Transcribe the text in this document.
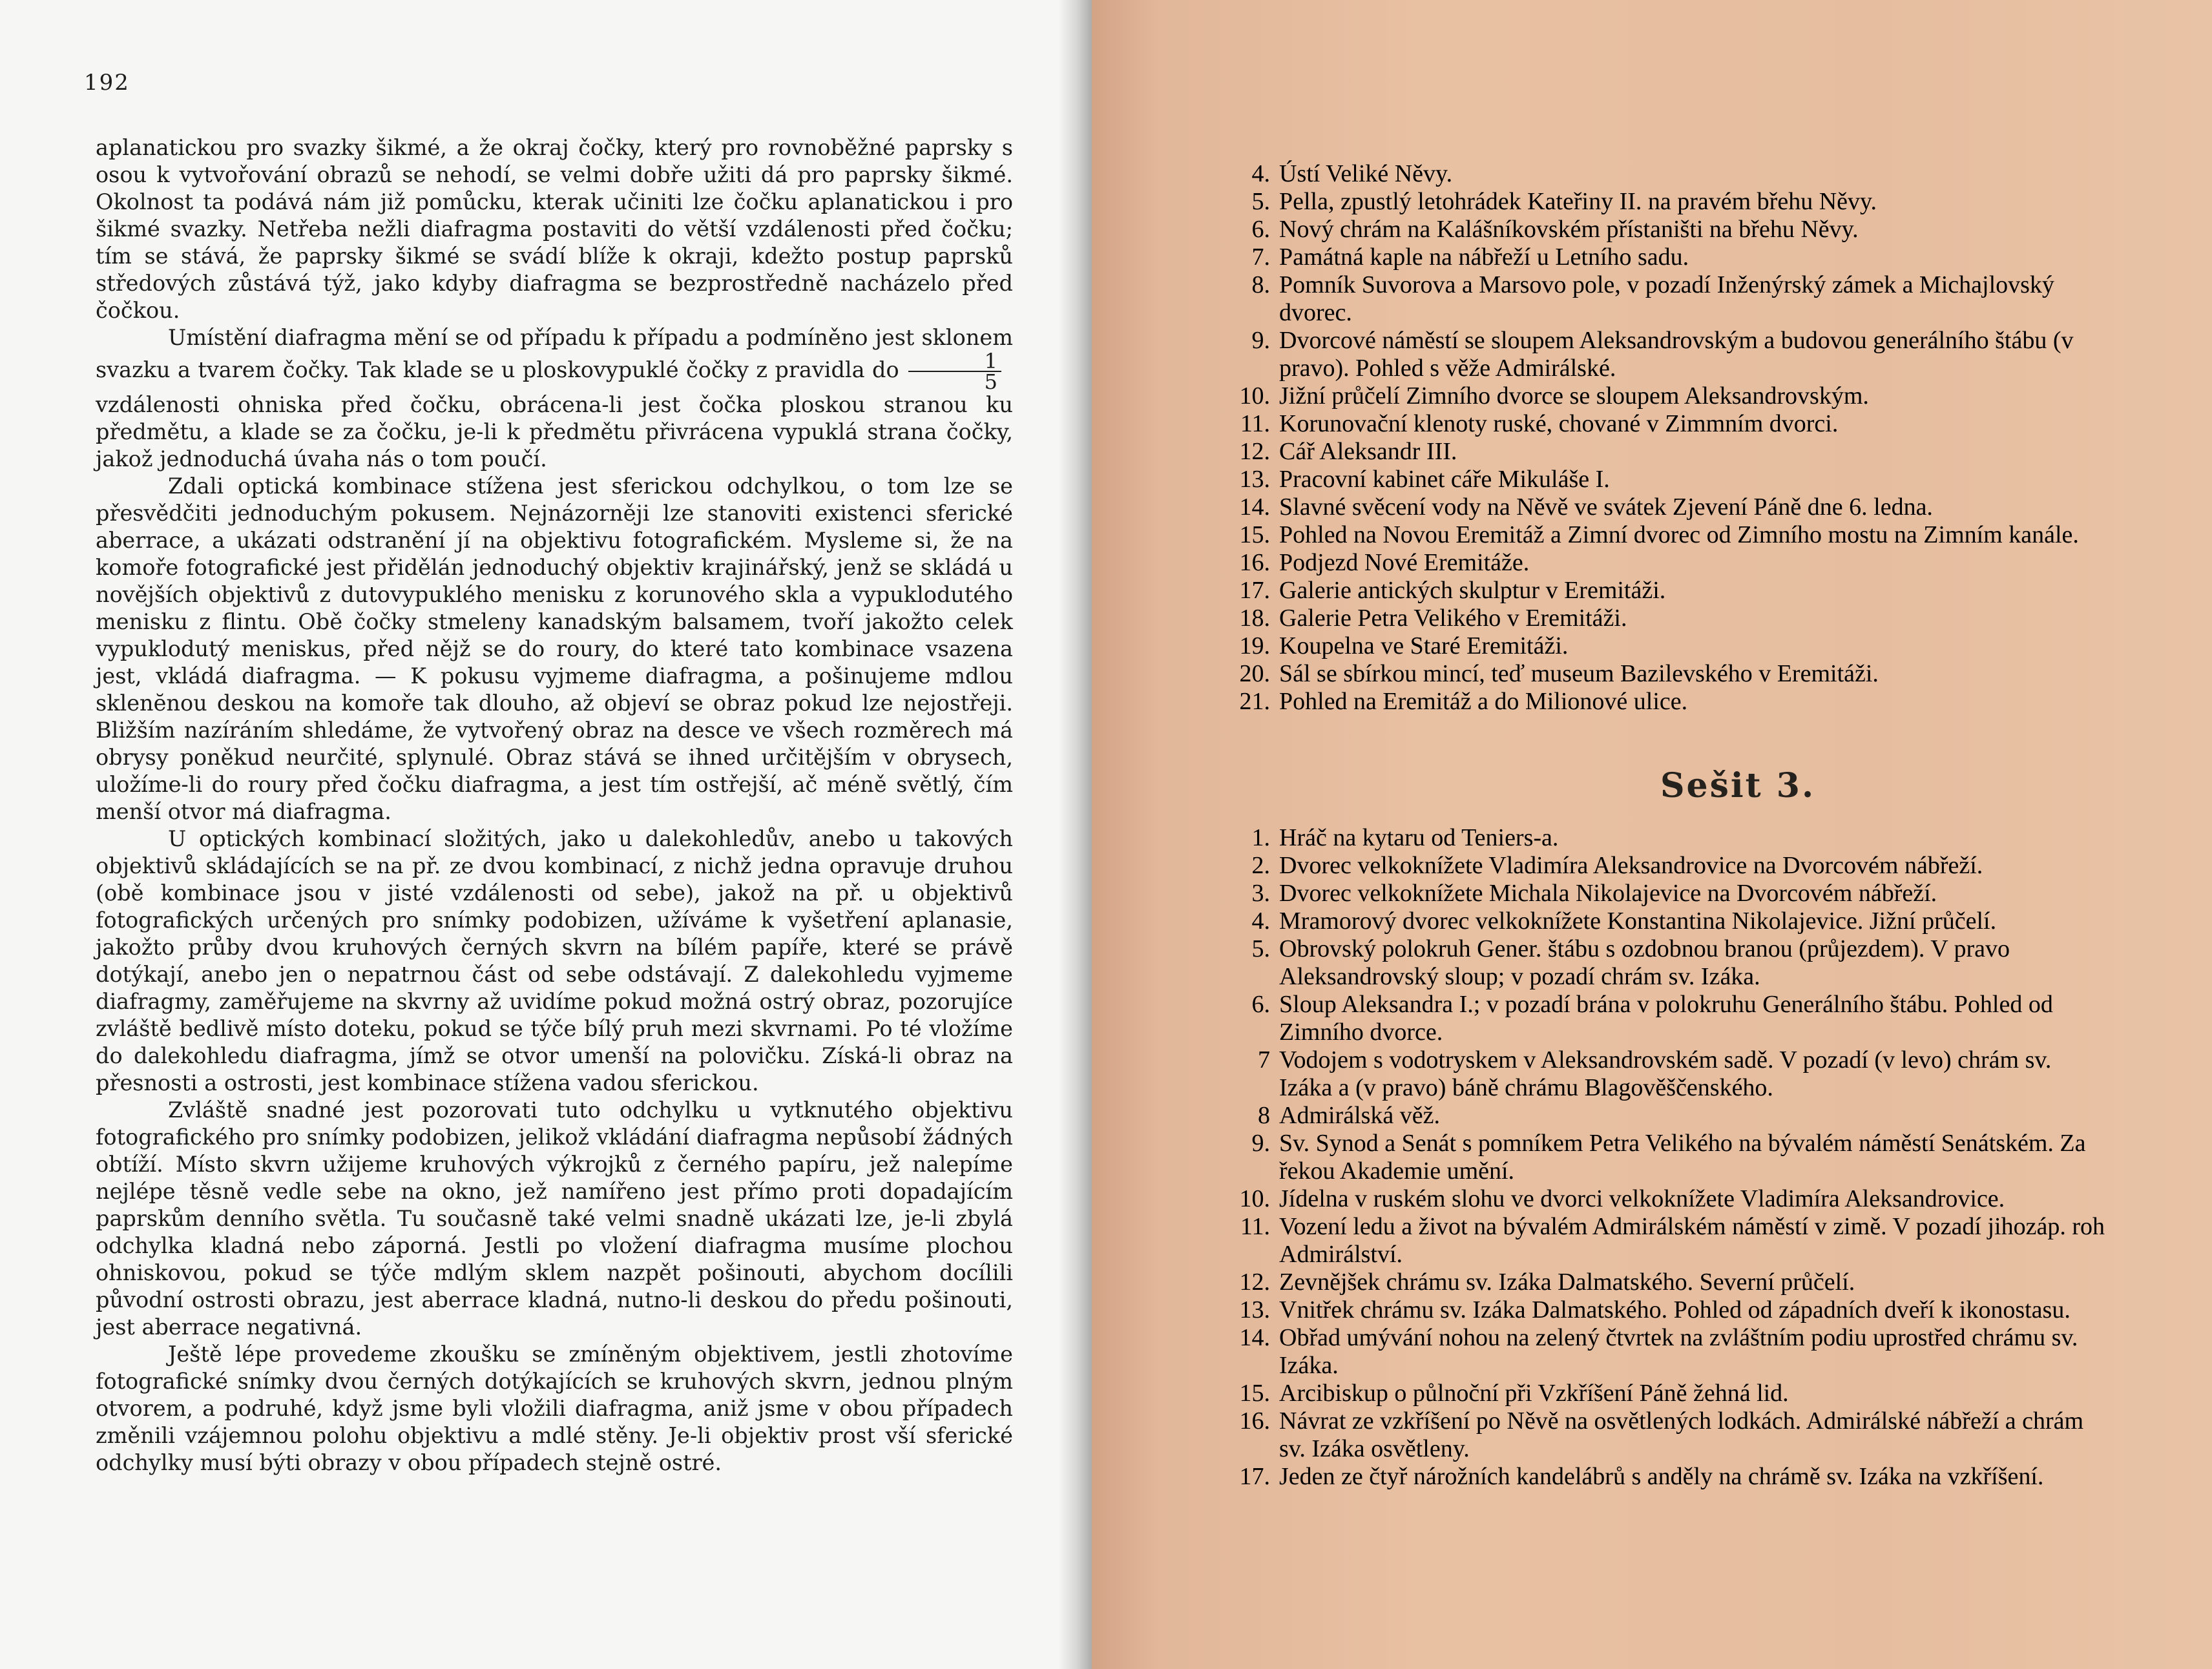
192
aplanatickou pro svazky šikmé, a že okraj čočky, který pro rovnoběžné paprsky s osou k vytvořování obrazů se nehodí, se velmi dobře užiti dá pro paprsky šikmé. Okolnost ta podává nám již pomůcku, kterak učiniti lze čočku aplanatickou i pro šikmé svazky. Netřeba nežli diafragma postaviti do větší vzdálenosti před čočku; tím se stává, že paprsky šikmé se svádí blíže k okraji, kdežto postup paprsků středových zůstává týž, jako kdyby diafragma se bezprostředně nacházelo před čočkou.
Umístění diafragma mění se od případu k případu a podmíněno jest sklonem svazku a tvarem čočky. Tak klade se u ploskovypuklé čočky z pravidla do $\frac{1}{5}$
vzdálenosti ohniska před čočku, obrácena-li jest čočka ploskou stranou ku předmětu, a klade se za čočku, je-li k předmětu přivrácena vypuklá strana čočky, jakož jednoduchá úvaha nás o tom poučí.
Zdali optická kombinace stížena jest sferickou odchylkou, o tom lze se přesvědčiti jednoduchým pokusem. Nejnázorněji lze stanoviti existenci sferické aberrace, a ukázati odstranění jí na objektivu fotografickém. Mysleme si, že na komoře fotografické jest přidělán jednoduchý objektiv krajinářský, jenž se skládá u novějších objektivů z dutovypuklého menisku z korunového skla a vypuklodutého menisku z flintu. Obě čočky stmeleny kanadským balsamem, tvoří jakožto celek vypuklodutý meniskus, před nějž se do roury, do které tato kombinace vsazena jest, vkládá diafragma. — K pokusu vyjmeme diafragma, a pošinujeme mdlou sklenĕnou deskou na komoře tak dlouho, až objeví se obraz pokud lze nejostřeji. Bližším nazíráním shledáme, že vytvořený obraz na desce ve všech rozměrech má obrysy poněkud neurčité, splynulé. Obraz stává se ihned určitějším v obrysech, uložíme-li do roury před čočku diafragma, a jest tím ostřejší, ač méně světlý, čím menší otvor má diafragma.
U optických kombinací složitých, jako u dalekohledův, anebo u takových objektivů skládajících se na př. ze dvou kombinací, z nichž jedna opravuje druhou (obě kombinace jsou v jisté vzdálenosti od sebe), jakož na př. u objektivů fotografických určených pro snímky podobizen, užíváme k vyšetření aplanasie, jakožto průby dvou kruhových černých skvrn na bílém papíře, které se právě dotýkají, anebo jen o nepatrnou část od sebe odstávají. Z dalekohledu vyjmeme diafragmy, zaměřujeme na skvrny až uvidíme pokud možná ostrý obraz, pozorujíce zvláště bedlivě místo doteku, pokud se týče bílý pruh mezi skvrnami. Po té vložíme do dalekohledu diafragma, jímž se otvor umenší na polovičku. Získá-li obraz na přesnosti a ostrosti, jest kombinace stížena vadou sferickou.
Zvláště snadné jest pozorovati tuto odchylku u vytknutého objektivu fotografického pro snímky podobizen, jelikož vkládání diafragma nepůsobí žádných obtíží. Místo skvrn užijeme kruhových výkrojků z černého papíru, jež nalepíme nejlépe těsně vedle sebe na okno, jež namířeno jest přímo proti dopadajícím paprskům denního světla. Tu současně také velmi snadně ukázati lze, je-li zbylá odchylka kladná nebo záporná. Jestli po vložení diafragma musíme plochou ohniskovou, pokud se týče mdlým sklem nazpět pošinouti, abychom docílili původní ostrosti obrazu, jest aberrace kladná, nutno-li deskou do předu pošinouti, jest aberrace negativná.
Ještě lépe provedeme zkoušku se zmíněným objektivem, jestli zhotovíme fotografické snímky dvou černých dotýkajících se kruhových skvrn, jednou plným otvorem, a podruhé, když jsme byli vložili diafragma, aniž jsme v obou případech změnili vzájemnou polohu objektivu a mdlé stěny. Je-li objektiv prost vší sferické odchylky musí býti obrazy v obou případech stejně ostré.
4. Ústí Veliké Něvy.
5. Pella, zpustlý letohrádek Kateřiny II. na pravém břehu Něvy.
6. Nový chrám na Kalášníkovském přístaništi na břehu Něvy.
7. Památná kaple na nábřeží u Letního sadu.
8. Pomník Suvorova a Marsovo pole, v pozadí Inženýrský zámek a Michajlovský dvorec.
9. Dvorcové náměstí se sloupem Aleksandrovským a budovou generálního štábu (v pravo). Pohled s věže Admirálské.
10. Jižní průčelí Zimního dvorce se sloupem Aleksandrovským.
11. Korunovační klenoty ruské, chované v Zimmním dvorci.
12. Cář Aleksandr III.
13. Pracovní kabinet cáře Mikuláše I.
14. Slavné svěcení vody na Něvě ve svátek Zjevení Páně dne 6. ledna.
15. Pohled na Novou Eremitáž a Zimní dvorec od Zimního mostu na Zimním kanále.
16. Podjezd Nové Eremitáže.
17. Galerie antických skulptur v Eremitáži.
18. Galerie Petra Velikého v Eremitáži.
19. Koupelna ve Staré Eremitáži.
20. Sál se sbírkou mincí, teď museum Bazilevského v Eremitáži.
21. Pohled na Eremitáž a do Milionové ulice.
Sešit 3.
1. Hráč na kytaru od Teniers-a.
2. Dvorec velkoknížete Vladimíra Aleksandrovice na Dvorcovém nábřeží.
3. Dvorec velkoknížete Michala Nikolajevice na Dvorcovém nábřeží.
4. Mramorový dvorec velkoknížete Konstantina Nikolajevice. Jižní průčelí.
5. Obrovský polokruh Gener. štábu s ozdobnou branou (průjezdem). V pravo Aleksandrovský sloup; v pozadí chrám sv. Izáka.
6. Sloup Aleksandra I.; v pozadí brána v polokruhu Generálního štábu. Pohled od Zimního dvorce.
7 Vodojem s vodotryskem v Aleksandrovském sadě. V pozadí (v levo) chrám sv. Izáka a (v pravo) báně chrámu Blagověščenského.
8 Admirálská věž.
9. Sv. Synod a Senát s pomníkem Petra Velikého na bývalém náměstí Senátském. Za řekou Akademie umění.
10. Jídelna v ruském slohu ve dvorci velkoknížete Vladimíra Aleksandrovice.
11. Vození ledu a život na bývalém Admirálském náměstí v zimě. V pozadí jihozáp. roh Admirálství.
12. Zevnějšek chrámu sv. Izáka Dalmatského. Severní průčelí.
13. Vnitřek chrámu sv. Izáka Dalmatského. Pohled od západních dveří k ikonostasu.
14. Obřad umývání nohou na zelený čtvrtek na zvláštním podiu uprostřed chrámu sv. Izáka.
15. Arcibiskup o půlnoční při Vzkříšení Páně žehná lid.
16. Návrat ze vzkříšení po Něvě na osvětlených lodkách. Admirálské nábřeží a chrám sv. Izáka osvětleny.
17. Jeden ze čtyř nárožních kandelábrů s anděly na chrámě sv. Izáka na vzkříšení.
